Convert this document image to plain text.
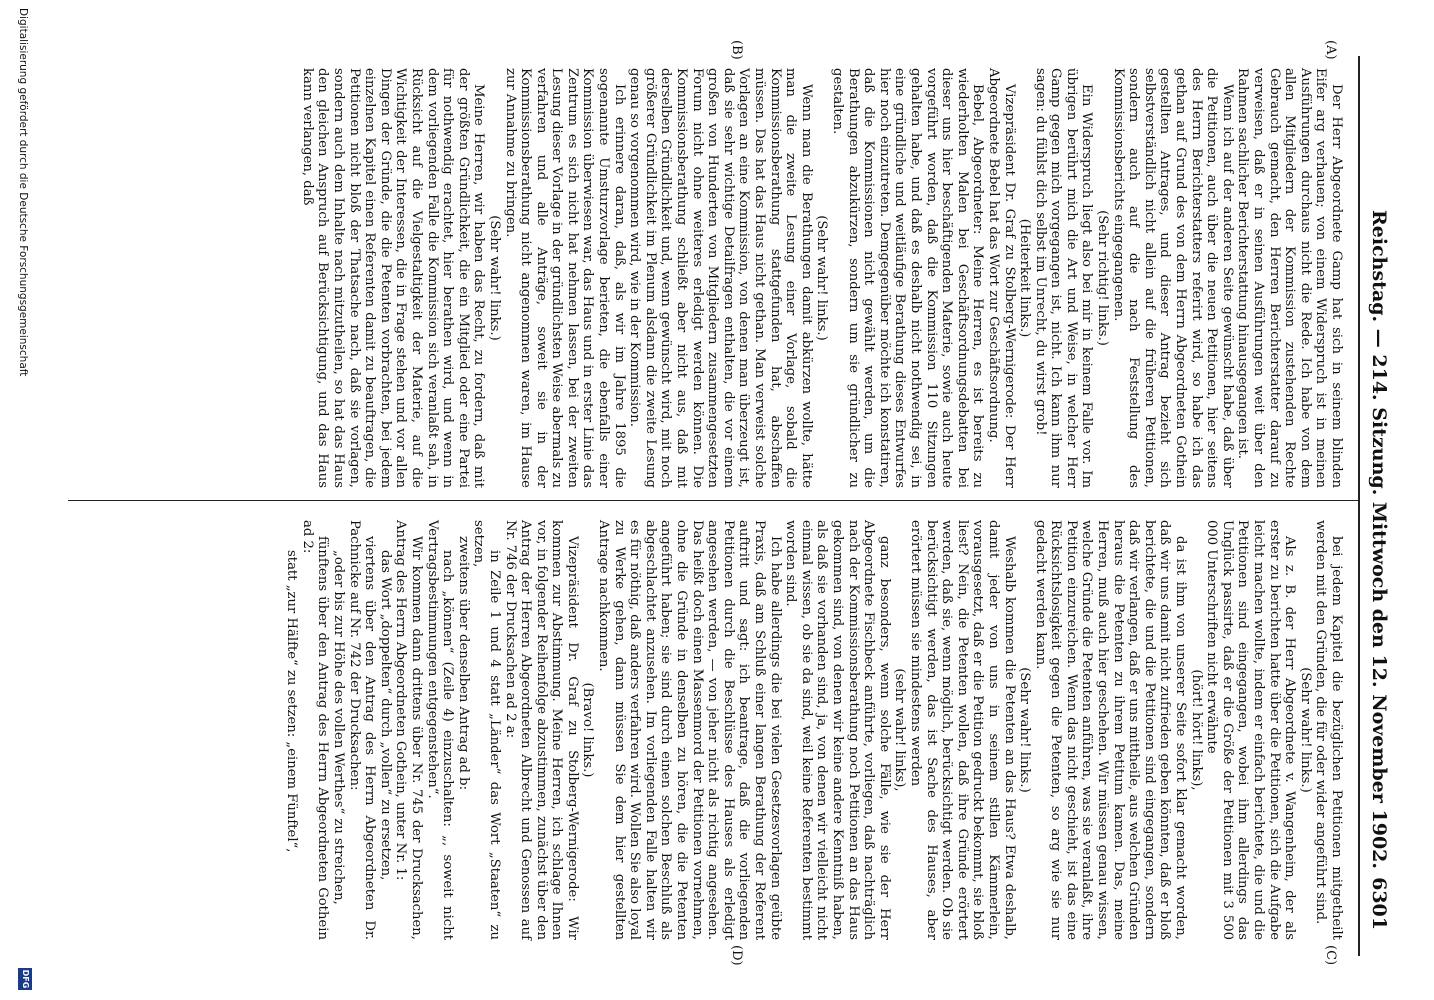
Reichstag. — 214. Sitzung. Mittwoch den 12. November 1902.
6301
(A)
(B)
(C)
(D)

Der Herr Abgeordnete Gamp hat sich in seinem blinden Eifer arg verhauen; von einem Widerspruch ist in meinen Ausführungen durchaus nicht die Rede. Ich habe von dem allen Mitgliedern der Kommission zustehenden Rechte Gebrauch gemacht, den Herren Berichterstatter darauf zu verweisen, daß er in seinen Ausführungen weit über den Rahmen sachlicher Berichterstattung hinausgegangen ist.

Wenn ich auf der anderen Seite gewünscht habe, daß über die Petitionen, auch über die neuen Petitionen, hier seitens des Herrn Berichterstatters referirt wird, so habe ich das gethan auf Grund des von dem Herrn Abgeordneten Gothein gestellten Antrages, und dieser Antrag bezieht sich selbstverständlich nicht allein auf die früheren Petitionen, sondern auch auf die nach Feststellung des Kommissionsberichts eingegangenen.

(Sehr richtig! links.)

Ein Widerspruch liegt also bei mir in keinem Falle vor. Im übrigen berührt mich die Art und Weise, in welcher Herr Gamp gegen mich vorgegangen ist, nicht. Ich kann ihm nur sagen: du fühlst dich selbst im Unrecht, du wirst grob!

(Heiterkeit links.)

Vizepräsident Dr. Graf zu Stolberg-Wernigerode: Der Herr Abgeordnete Bebel hat das Wort zur Geschäftsordnung.

Bebel, Abgeordneter: Meine Herren, es ist bereits zu wiederholten Malen bei Geschäftsordnungsdebatten bei dieser uns hier beschäftigenden Materie, sowie auch heute vorgeführt worden, daß die Kommission 110 Sitzungen gehalten habe, und daß es deshalb nicht nothwendig sei, in eine gründliche und weitläufige Berathung dieses Entwurfes hier noch einzutreten. Demgegenüber möchte ich konstatiren, daß die Kommissionen nicht gewählt werden, um die Berathungen abzukürzen, sondern um sie gründlicher zu gestalten.

(Sehr wahr! links.)

Wenn man die Berathungen damit abkürzen wollte, hätte man die zweite Lesung einer Vorlage, sobald die Kommissionsberathung stattgefunden hat, abschaffen müssen. Das hat das Haus nicht gethan. Man verweist solche Vorlagen an eine Kommission, von denen man überzeugt ist, daß sie sehr wichtige Detailfragen enthalten, die vor einem großen von Hunderten von Mitgliedern zusammengesetzten Forum nicht ohne weiteres erledigt werden können. Die Kommissionsberathung schließt aber nicht aus, daß mit derselben Gründlichkeit und, wenn gewünscht wird, mit noch größerer Gründlichkeit im Plenum alsdann die zweite Lesung genau so vorgenommen wird, wie in der Kommission.

Ich erinnere daran, daß, als wir im Jahre 1895 die sogenannte Umsturzvorlage berieten, die ebenfalls einer Kommission überwiesen war, das Haus und in erster Linie das Zentrum es sich nicht hat nehmen lassen, bei der zweiten Lesung dieser Vorlage in der gründlichsten Weise abermals zu verfahren und alle Anträge, soweit sie in der Kommissionsberathung nicht angenommen waren, im Hause zur Annahme zu bringen.

(Sehr wahr! links.)

Meine Herren, wir haben das Recht, zu fordern, daß mit der größten Gründlichkeit, die ein Mitglied oder eine Partei für nothwendig erachtet, hier berathen wird, und wenn in dem vorliegenden Falle die Kommission sich veranlaßt sah, in Rücksicht auf die Vielgestaltigkeit der Materie, auf die Wichtigkeit der Interessen, die in Frage stehen und vor allen Dingen der Gründe, die die Petenten vorbrachten, bei jedem einzelnen Kapitel einen Referenten damit zu beauftragen, die Petitionen nicht bloß der Thatsache nach, daß sie vorlagen, sondern auch dem Inhalte nach mitzutheilen, so hat das Haus den gleichen Anspruch auf Berücksichtigung, und das Haus kann verlangen, daß

bei jedem Kapitel die bezüglichen Petitionen mitgetheilt werden mit den Gründen, die für oder wider angeführt sind.

(Sehr wahr! links.)

Als z. B. der Herr Abgeordnete v. Wangenheim, der als erster zu berichten hatte über die Petitionen, sich die Aufgabe leicht machen wollte, indem er einfach berichtete, die und die Petitionen sind eingegangen, wobei ihm allerdings das Unglück passirte, daß er die Größe der Petitionen mit 3 500 000 Unterschriften nicht erwähnte

(hört! hört! links),

da ist ihm von unserer Seite sofort klar gemacht worden, daß wir uns damit nicht zufrieden geben könnten, daß er bloß berichtete, die und die Petitionen sind eingegangen, sondern daß wir verlangen, daß er uns mittheile, aus welchen Gründen heraus die Petenten zu ihrem Petitum kamen. Das, meine Herren, muß auch hier geschehen. Wir müssen genau wissen, welche Gründe die Petenten anführen, was sie veranlaßt, ihre Petition einzureichen. Wenn das nicht geschieht, ist das eine Rücksichtslosigkeit gegen die Petenten, so arg wie sie nur gedacht werden kann.

(Sehr wahr! links.)

Weshalb kommen die Petenten an das Haus? Etwa deshalb, damit jeder von uns in seinem stillen Kämmerlein, vorausgesetzt, daß er die Petition gedruckt bekommt, sie bloß liest? Nein, die Petenten wollen, daß ihre Gründe erörtert werden, daß sie, wenn möglich, berücksichtigt werden. Ob sie berücksichtigt werden, das ist Sache des Hauses, aber erörtert müssen sie mindestens werden

(sehr wahr! links),

ganz besonders, wenn solche Fälle, wie sie der Herr Abgeordnete Fischbeck anführte, vorliegen, daß nachträglich nach der Kommissionsberathung noch Petitionen an das Haus gekommen sind, von denen wir keine andere Kenntniß haben, als daß sie vorhanden sind, ja, von denen wir vielleicht nicht einmal wissen, ob sie da sind, weil keine Referenten bestimmt worden sind.

Ich habe allerdings die bei vielen Gesetzesvorlagen geübte Praxis, daß am Schluß einer langen Berathung der Referent auftritt und sagt: ich beantrage, daß die vorliegenden Petitionen durch die Beschlüsse des Hauses als erledigt angesehen werden, — von jeher nicht als richtig angesehen. Das heißt doch einen Massenmord der Petitionen vornehmen, ohne die Gründe in denselben zu hören, die die Petenten angeführt haben; sie sind durch einen solchen Beschluß als abgeschlachtet anzusehen. Im vorliegenden Falle halten wir es für nöthig, daß anders verfahren wird. Wollen Sie also loyal zu Werke gehen, dann müssen Sie dem hier gestellten Antrage nachkommen.

(Bravo! links.)

Vizepräsident Dr. Graf zu Stolberg-Wernigerode: Wir kommen zur Abstimmung. Meine Herren, ich schlage Ihnen vor, in folgender Reihenfolge abzustimmen, zunächst über den Antrag der Herren Abgeordneten Albrecht und Genossen auf Nr. 746 der Drucksachen ad 2 a:

in Zeile 1 und 4 statt „Länder“ das Wort „Staaten“ zu setzen,

zweitens über denselben Antrag ad b:

nach „können“ (Zeile 4) einzuschalten: „, soweit nicht Vertragsbestimmungen entgegenstehen“.

Wir kommen dann drittens über Nr. 745 der Drucksachen, Antrag des Herrn Abgeordneten Gothein, unter Nr. 1:

das Wort „doppelten“ durch „vollen“ zu ersetzen,

viertens über den Antrag des Herrn Abgeordneten Dr. Pachnicke auf Nr. 742 der Drucksachen:

„oder bis zur Höhe des vollen Werthes“ zu streichen,

fünftens über den Antrag des Herrn Abgeordneten Gothein ad 2:

statt „zur Hälfte“ zu setzen: „einem Fünftel“,

Digitalisierung gefördert durch die Deutsche Forschungsgemeinschaft
DFG
